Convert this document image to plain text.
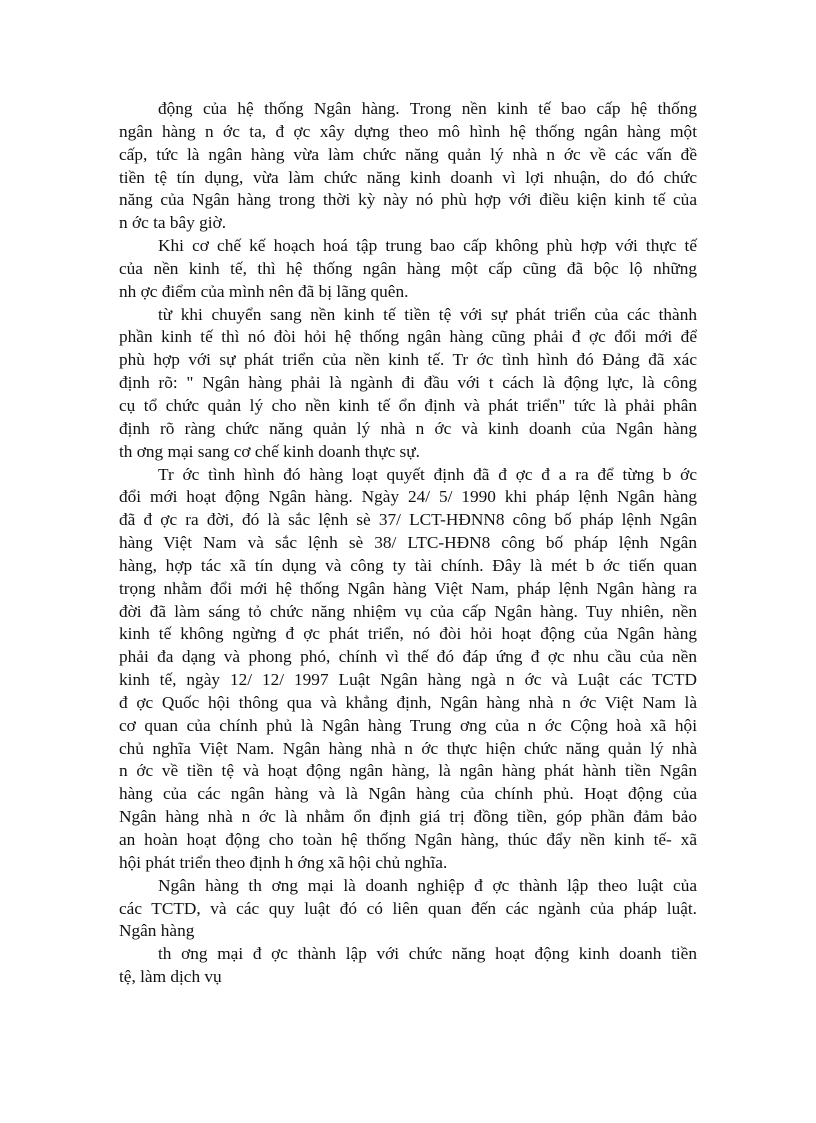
động của hệ thống Ngân hàng. Trong nền kinh tế bao cấp hệ thống
ngân hàng n ớc ta, đ ợc xây dựng theo mô hình hệ thống ngân hàng một
cấp, tức là ngân hàng vừa làm chức năng quản lý nhà n ớc về các vấn đề
tiền tệ tín dụng, vừa làm chức năng kinh doanh vì lợi nhuận, do đó chức
năng của Ngân hàng trong thời kỳ này nó phù hợp với điều kiện kinh tế của
n ớc ta bây giờ.
Khi cơ chế kế hoạch hoá tập trung bao cấp không phù hợp với thực tế
của nền kinh tế, thì hệ thống ngân hàng một cấp cũng đã bộc lộ những
nh ợc điểm của mình nên đã bị lãng quên.
từ khi chuyển sang nền kinh tế tiền tệ với sự phát triển của các thành
phần kinh tế thì nó đòi hỏi hệ thống ngân hàng cũng phải đ ợc đổi mới để
phù hợp với sự phát triển của nền kinh tế. Tr ớc tình hình đó Đảng đã xác
định rõ: " Ngân hàng phải là ngành đi đầu với t cách là động lực, là công
cụ tổ chức quản lý cho nền kinh tế ổn định và phát triển" tức là phải phân
định rõ ràng chức năng quản lý nhà n ớc và kinh doanh của Ngân hàng
th ơng mại sang cơ chế kinh doanh thực sự.
Tr ớc tình hình đó hàng loạt quyết định đã đ ợc đ a ra để từng b ớc
đổi mới hoạt động Ngân hàng. Ngày 24/ 5/ 1990 khi pháp lệnh Ngân hàng
đã đ ợc ra đời, đó là sắc lệnh sè 37/ LCT-HĐNN8 công bố pháp lệnh Ngân
hàng Việt Nam và sắc lệnh sè 38/ LTC-HĐN8 công bố pháp lệnh Ngân
hàng, hợp tác xã tín dụng và công ty tài chính. Đây là mét b ớc tiến quan
trọng nhằm đổi mới hệ thống Ngân hàng Việt Nam, pháp lệnh Ngân hàng ra
đời đã làm sáng tỏ chức năng nhiệm vụ của cấp Ngân hàng. Tuy nhiên, nền
kinh tế không ngừng đ ợc phát triển, nó đòi hỏi hoạt động của Ngân hàng
phải đa dạng và phong phó, chính vì thế đó đáp ứng đ ợc nhu cầu của nền
kinh tế, ngày 12/ 12/ 1997 Luật Ngân hàng ngà n ớc và Luật các TCTD
đ ợc Quốc hội thông qua và khẳng định, Ngân hàng nhà n ớc Việt Nam là
cơ quan của chính phủ là Ngân hàng Trung ơng của n ớc Cộng hoà xã hội
chủ nghĩa Việt Nam. Ngân hàng nhà n ớc thực hiện chức năng quản lý nhà
n ớc về tiền tệ và hoạt động ngân hàng, là ngân hàng phát hành tiền Ngân
hàng của các ngân hàng và là Ngân hàng của chính phủ. Hoạt động của
Ngân hàng nhà n ớc là nhằm ổn định giá trị đồng tiền, góp phần đảm bảo
an hoàn hoạt động cho toàn hệ thống Ngân hàng, thúc đẩy nền kinh tế- xã
hội phát triển theo định h ớng xã hội chủ nghĩa.
Ngân hàng th ơng mại là doanh nghiệp đ ợc thành lập theo luật của
các TCTD, và các quy luật đó có liên quan đến các ngành của pháp luật.
Ngân hàng
th ơng mại đ ợc thành lập với chức năng hoạt động kinh doanh tiền
tệ, làm dịch vụ
